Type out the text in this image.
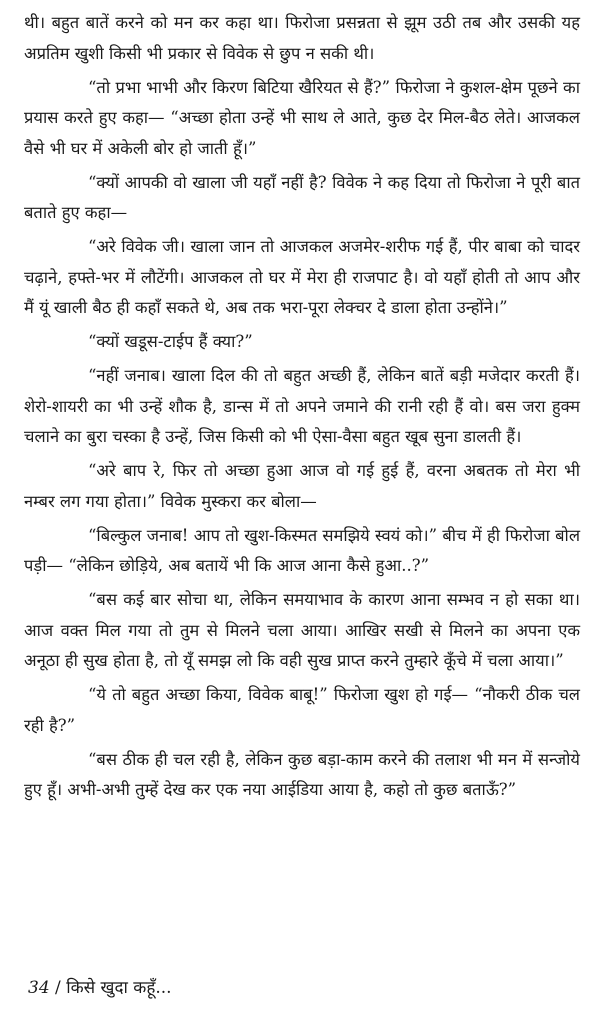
थी। बहुत बातें करने को मन कर कहा था। फिरोजा प्रसन्नता से झूम उठी तब और उसकी यह अप्रतिम खुशी किसी भी प्रकार से विवेक से छुप न सकी थी।

“तो प्रभा भाभी और किरण बिटिया खैरियत से हैं?” फिरोजा ने कुशल-क्षेम पूछने का प्रयास करते हुए कहा— “अच्छा होता उन्हें भी साथ ले आते, कुछ देर मिल-बैठ लेते। आजकल वैसे भी घर में अकेली बोर हो जाती हूँ।”

“क्यों आपकी वो खाला जी यहाँ नहीं है? विवेक ने कह दिया तो फिरोजा ने पूरी बात बताते हुए कहा—

“अरे विवेक जी। खाला जान तो आजकल अजमेर-शरीफ गई हैं, पीर बाबा को चादर चढ़ाने, हफ्ते-भर में लौटेंगी। आजकल तो घर में मेरा ही राजपाट है। वो यहाँ होती तो आप और मैं यूं खाली बैठ ही कहाँ सकते थे, अब तक भरा-पूरा लेक्चर दे डाला होता उन्होंने।”

“क्यों खडूस-टाईप हैं क्या?”

“नहीं जनाब। खाला दिल की तो बहुत अच्छी हैं, लेकिन बातें बड़ी मजेदार करती हैं। शेरो-शायरी का भी उन्हें शौक है, डान्स में तो अपने जमाने की रानी रही हैं वो। बस जरा हुक्म चलाने का बुरा चस्का है उन्हें, जिस किसी को भी ऐसा-वैसा बहुत खूब सुना डालती हैं।

“अरे बाप रे, फिर तो अच्छा हुआ आज वो गई हुई हैं, वरना अबतक तो मेरा भी नम्बर लग गया होता।” विवेक मुस्करा कर बोला—

“बिल्कुल जनाब! आप तो खुश-किस्मत समझिये स्वयं को।” बीच में ही फिरोजा बोल पड़ी— “लेकिन छोड़िये, अब बतायें भी कि आज आना कैसे हुआ..?”

“बस कई बार सोचा था, लेकिन समयाभाव के कारण आना सम्भव न हो सका था। आज वक्त मिल गया तो तुम से मिलने चला आया। आखिर सखी से मिलने का अपना एक अनूठा ही सुख होता है, तो यूँ समझ लो कि वही सुख प्राप्त करने तुम्हारे कूँचे में चला आया।”

“ये तो बहुत अच्छा किया, विवेक बाबू!” फिरोजा खुश हो गई— “नौकरी ठीक चल रही है?”

“बस ठीक ही चल रही है, लेकिन कुछ बड़ा-काम करने की तलाश भी मन में सन्जोये हुए हूँ। अभी-अभी तुम्हें देख कर एक नया आईडिया आया है, कहो तो कुछ बताऊँ?”

34 / किसे खुदा कहूँ...
